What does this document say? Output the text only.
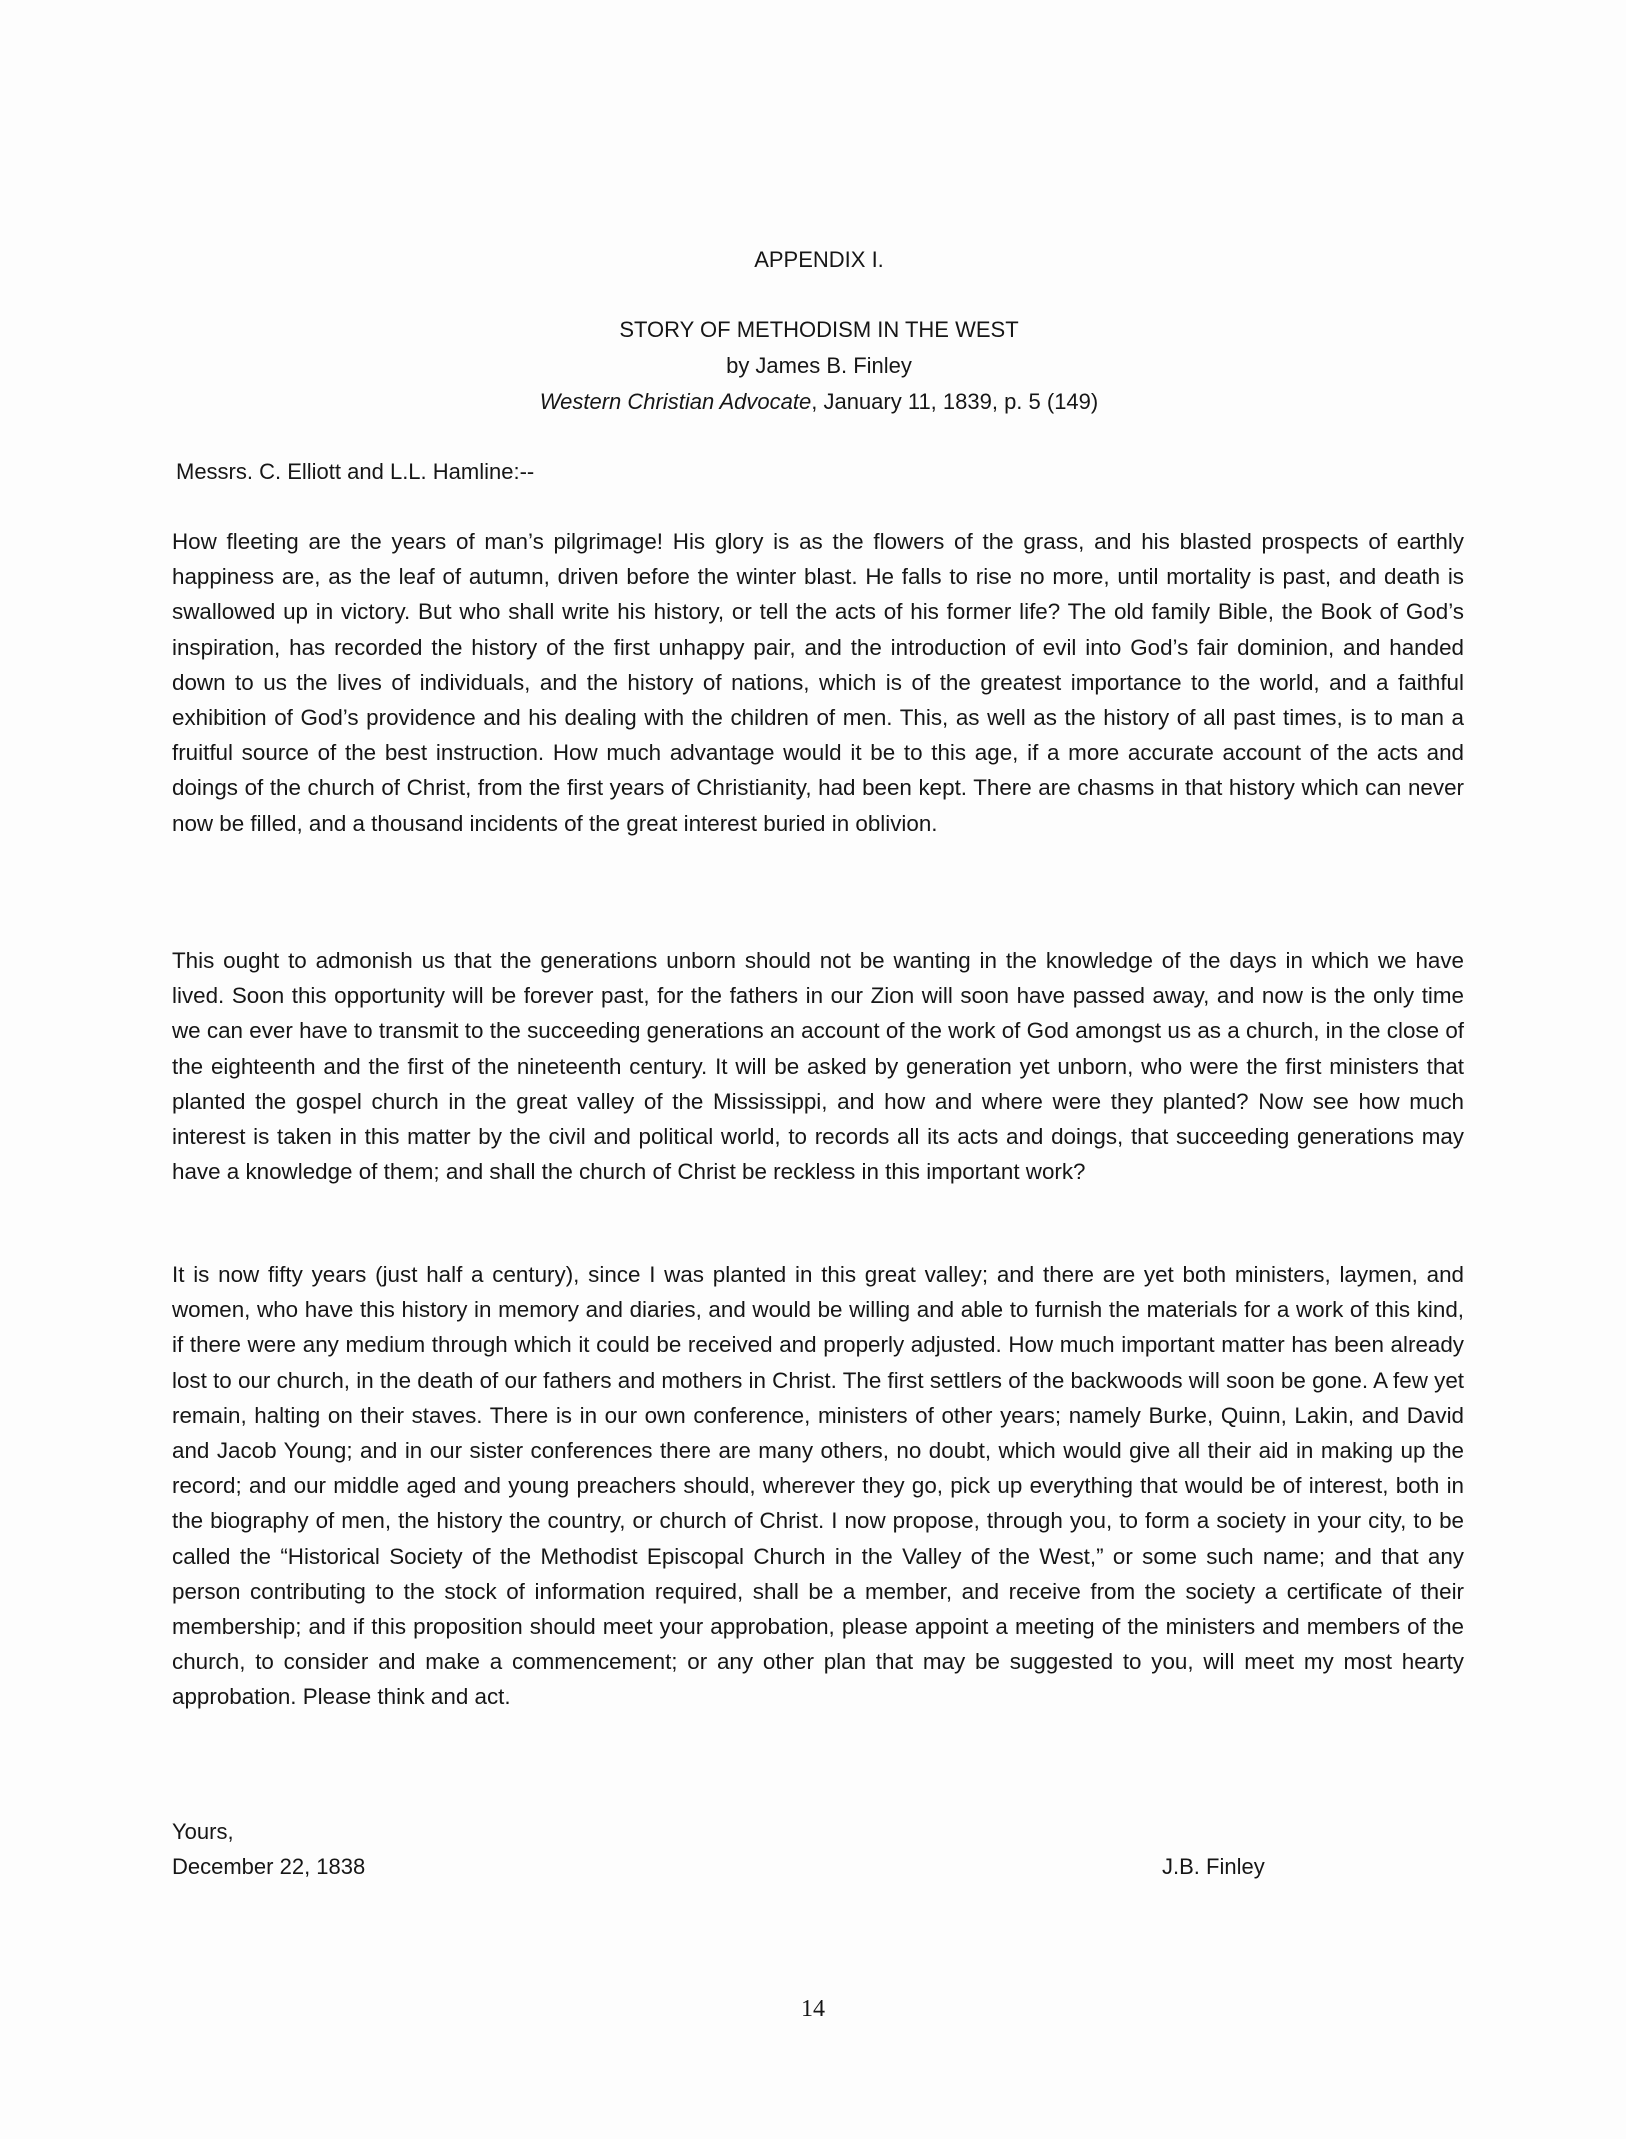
APPENDIX I.
STORY OF METHODISM IN THE WEST
by James B. Finley
Western Christian Advocate, January 11, 1839, p. 5 (149)

Messrs. C. Elliott and L.L. Hamline:--

How fleeting are the years of man’s pilgrimage! His glory is as the flowers of the grass, and his blasted prospects of earthly happiness are, as the leaf of autumn, driven before the winter blast. He falls to rise no more, until mortality is past, and death is swallowed up in victory. But who shall write his history, or tell the acts of his former life? The old family Bible, the Book of God’s inspiration, has recorded the history of the first unhappy pair, and the introduction of evil into God’s fair dominion, and handed down to us the lives of individuals, and the history of nations, which is of the greatest importance to the world, and a faithful exhibition of God’s providence and his dealing with the children of men. This, as well as the history of all past times, is to man a fruitful source of the best instruction. How much advantage would it be to this age, if a more accurate account of the acts and doings of the church of Christ, from the first years of Christianity, had been kept. There are chasms in that history which can never now be filled, and a thousand incidents of the great interest buried in oblivion.

This ought to admonish us that the generations unborn should not be wanting in the knowledge of the days in which we have lived. Soon this opportunity will be forever past, for the fathers in our Zion will soon have passed away, and now is the only time we can ever have to transmit to the succeeding generations an account of the work of God amongst us as a church, in the close of the eighteenth and the first of the nineteenth century. It will be asked by generation yet unborn, who were the first ministers that planted the gospel church in the great valley of the Mississippi, and how and where were they planted? Now see how much interest is taken in this matter by the civil and political world, to records all its acts and doings, that succeeding generations may have a knowledge of them; and shall the church of Christ be reckless in this important work?

It is now fifty years (just half a century), since I was planted in this great valley; and there are yet both ministers, laymen, and women, who have this history in memory and diaries, and would be willing and able to furnish the materials for a work of this kind, if there were any medium through which it could be received and properly adjusted. How much important matter has been already lost to our church, in the death of our fathers and mothers in Christ. The first settlers of the backwoods will soon be gone. A few yet remain, halting on their staves. There is in our own conference, ministers of other years; namely Burke, Quinn, Lakin, and David and Jacob Young; and in our sister conferences there are many others, no doubt, which would give all their aid in making up the record; and our middle aged and young preachers should, wherever they go, pick up everything that would be of interest, both in the biography of men, the history the country, or church of Christ. I now propose, through you, to form a society in your city, to be called the “Historical Society of the Methodist Episcopal Church in the Valley of the West,” or some such name; and that any person contributing to the stock of information required, shall be a member, and receive from the society a certificate of their membership; and if this proposition should meet your approbation, please appoint a meeting of the ministers and members of the church, to consider and make a commencement; or any other plan that may be suggested to you, will meet my most hearty approbation. Please think and act.

Yours,
December 22, 1838	J.B. Finley
14
